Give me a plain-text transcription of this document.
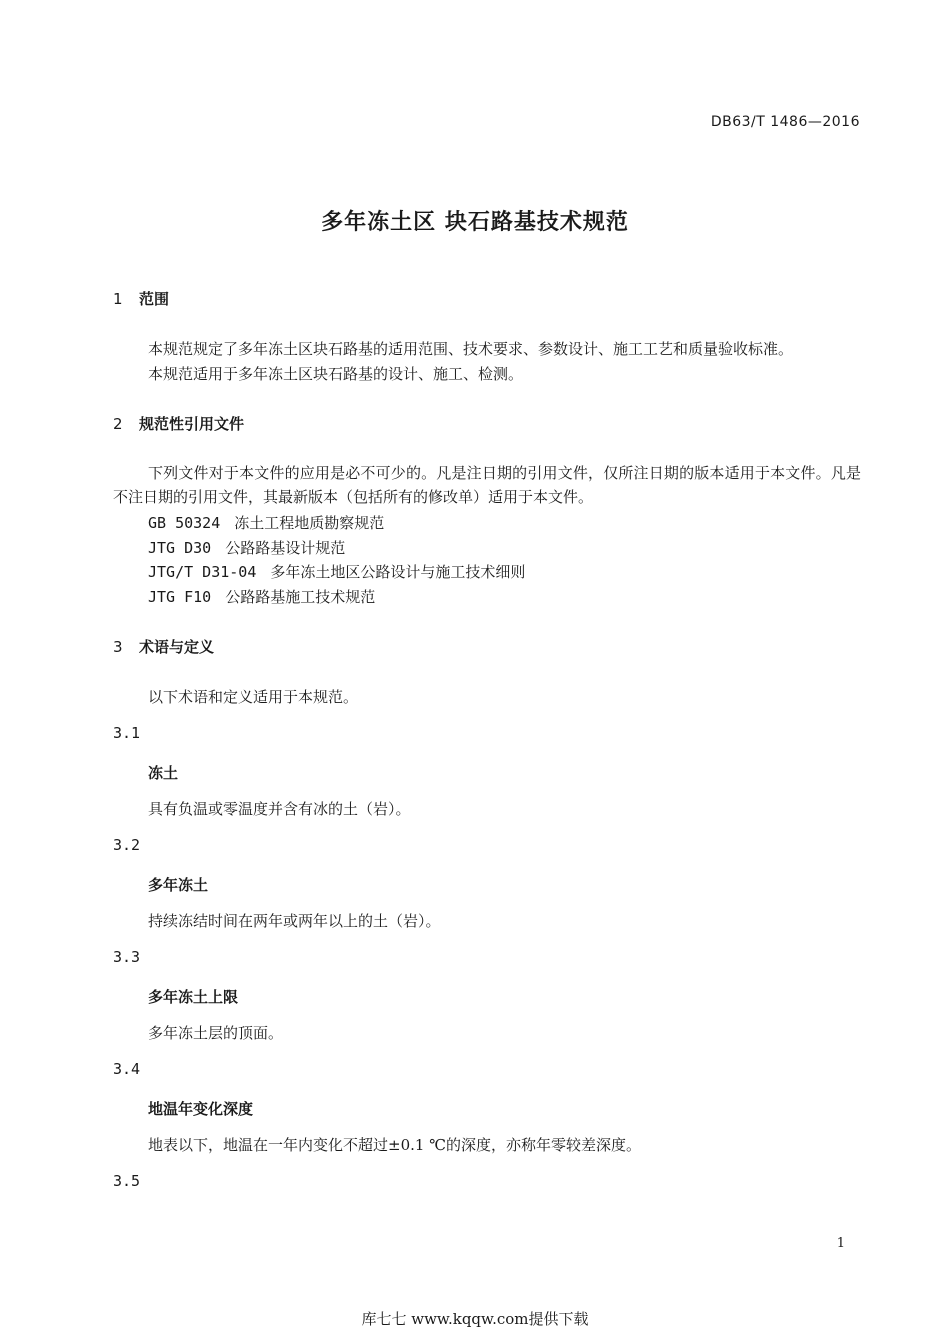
DB63/T 1486—2016
多年冻土区 块石路基技术规范
1 范围
本规范规定了多年冻土区块石路基的适用范围、技术要求、参数设计、施工工艺和质量验收标准。
本规范适用于多年冻土区块石路基的设计、施工、检测。
2 规范性引用文件
下列文件对于本文件的应用是必不可少的。凡是注日期的引用文件，仅所注日期的版本适用于本文件。凡是不注日期的引用文件，其最新版本（包括所有的修改单）适用于本文件。
GB 50324 冻土工程地质勘察规范
JTG D30 公路路基设计规范
JTG/T D31-04 多年冻土地区公路设计与施工技术细则
JTG F10 公路路基施工技术规范
3 术语与定义
以下术语和定义适用于本规范。
3.1
冻土
具有负温或零温度并含有冰的土（岩）。
3.2
多年冻土
持续冻结时间在两年或两年以上的土（岩）。
3.3
多年冻土上限
多年冻土层的顶面。
3.4
地温年变化深度
地表以下，地温在一年内变化不超过±0.1 ℃的深度，亦称年零较差深度。
3.5
1
库七七 www.kqqw.com提供下载
